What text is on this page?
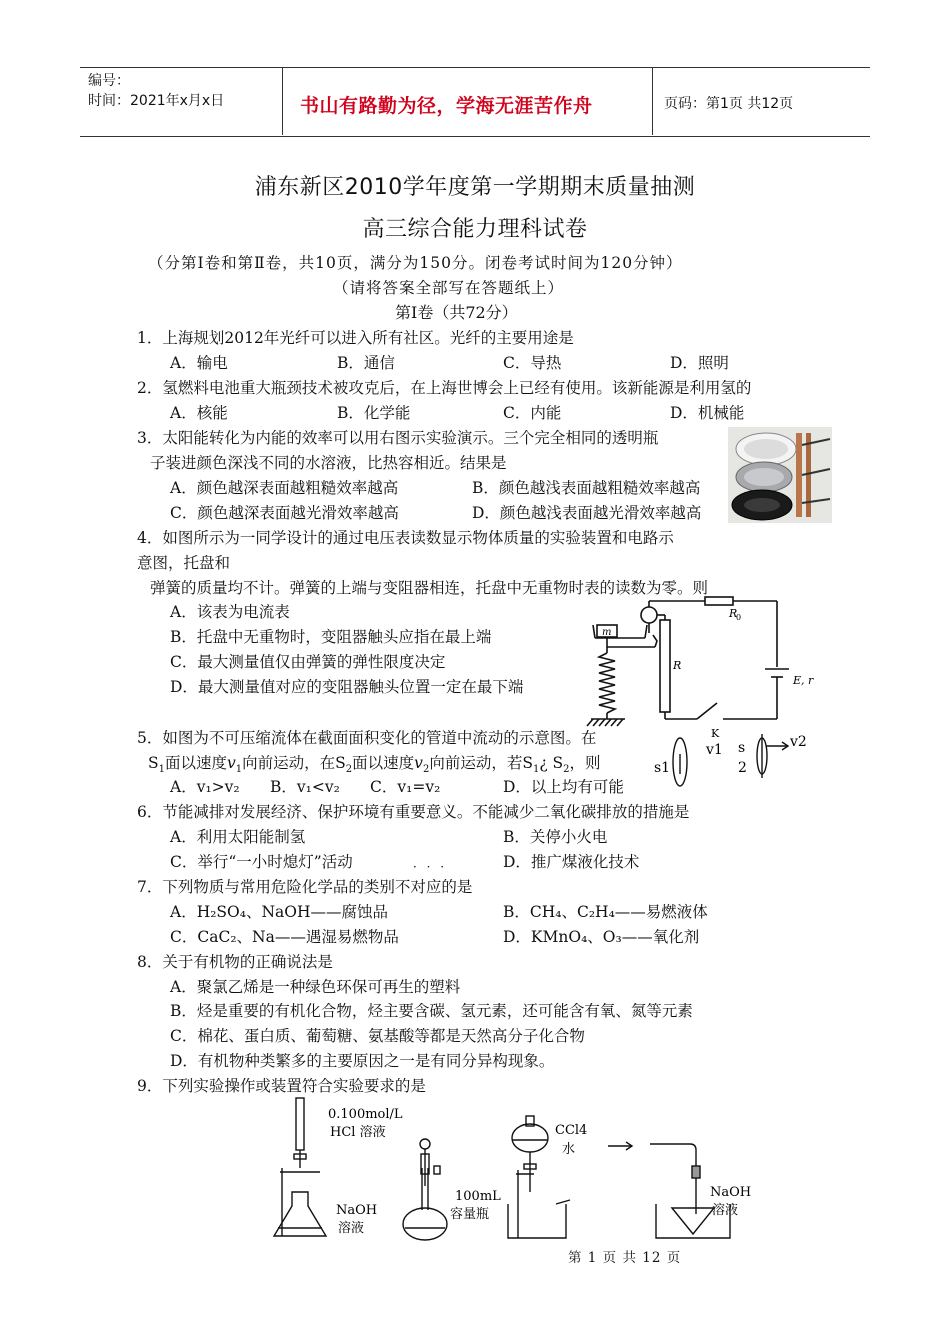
编号：
时间：2021年x月x日	书山有路勤为径，学海无涯苦作舟	页码：第1页 共12页
浦东新区2010学年度第一学期期末质量抽测
高三综合能力理科试卷
（分第Ⅰ卷和第Ⅱ卷，共10页，满分为150分。闭卷考试时间为120分钟）
（请将答案全部写在答题纸上）
第Ⅰ卷（共72分）
1．上海规划2012年光纤可以进入所有社区。光纤的主要用途是
A．输电	B．通信	C．导热	D．照明
2．氢燃料电池重大瓶颈技术被攻克后，在上海世博会上已经有使用。该新能源是利用氢的
A．核能	B．化学能	C．内能	D．机械能
3．太阳能转化为内能的效率可以用右图示实验演示。三个完全相同的透明瓶
子装进颜色深浅不同的水溶液，比热容相近。结果是
A．颜色越深表面越粗糙效率越高	B．颜色越浅表面越粗糙效率越高
C．颜色越深表面越光滑效率越高	D．颜色越浅表面越光滑效率越高
4．如图所示为一同学设计的通过电压表读数显示物体质量的实验装置和电路示
意图，托盘和
弹簧的质量均不计。弹簧的上端与变阻器相连，托盘中无重物时表的读数为零。则
A．该表为电流表
B．托盘中无重物时，变阻器触头应指在最上端
C．最大测量值仅由弹簧的弹性限度决定
D．最大测量值对应的变阻器触头位置一定在最下端
m
R
0
R
E, r
K
5．如图为不可压缩流体在截面面积变化的管道中流动的示意图。在
$S_1$面以速度$v_1$向前运动，在$S_2$面以速度$v_2$向前运动，若$S_1¿$ $S_2$，则
A．v₁>v₂ B．v₁<v₂ C．v₁=v₂	D．以上均有可能
s1
v1 s
2
v2
6．节能减排对发展经济、保护环境有重要意义。不能减少二氧化碳排放的措施是
A．利用太阳能制氢	B．关停小火电
C．举行“一小时熄灯”活动	D．推广煤液化技术
· · ·
7．下列物质与常用危险化学品的类别不对应的是
A．H₂SO₄、NaOH——腐蚀品	B．CH₄、C₂H₄——易燃液体
C．CaC₂、Na——遇湿易燃物品	D．KMnO₄、O₃——氧化剂
8．关于有机物的正确说法是
A．聚氯乙烯是一种绿色环保可再生的塑料
B．烃是重要的有机化合物，烃主要含碳、氢元素，还可能含有氧、氮等元素
C．棉花、蛋白质、葡萄糖、氨基酸等都是天然高分子化合物
D．有机物种类繁多的主要原因之一是有同分异构现象。
9．下列实验操作或装置符合实验要求的是
0.100mol/L
HCl 溶液
NaOH
溶液
100mL
容量瓶
CCl4
水
NaOH
溶液
第 1 页 共 12 页
